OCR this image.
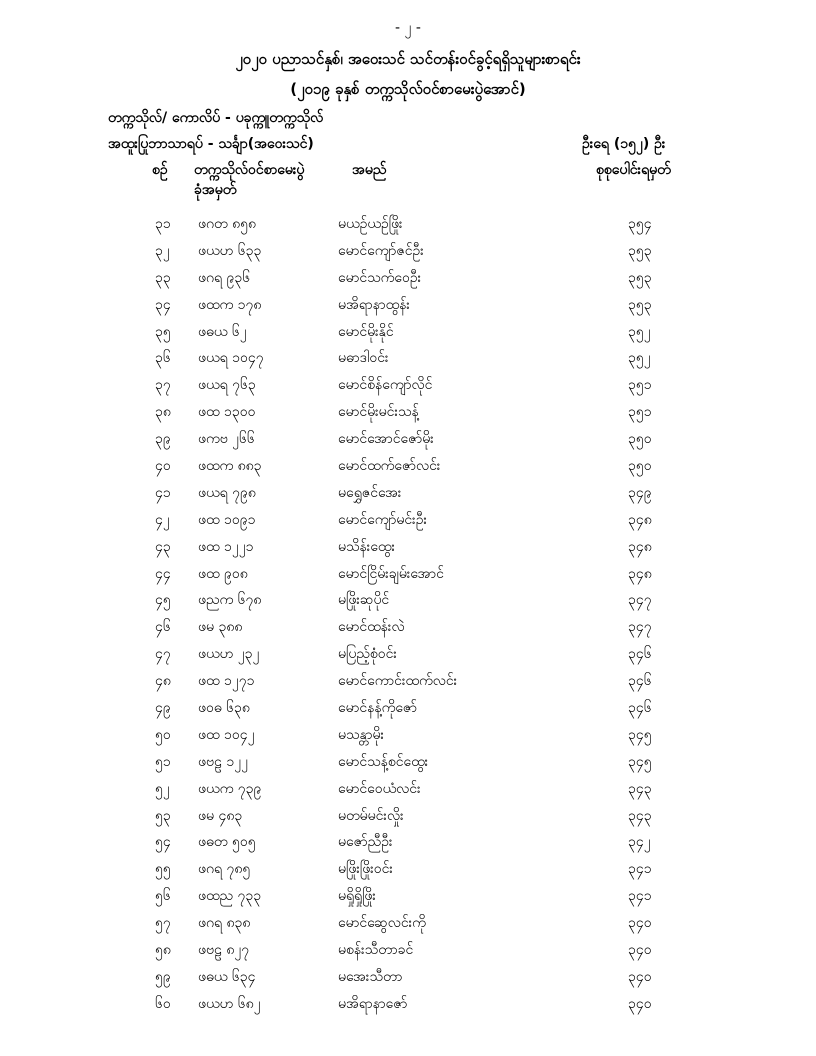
- ၂ -
၂၀၂၀ ပညာသင်နှစ်၊ အဝေးသင် သင်တန်းဝင်ခွင့်ရရှိသူများစာရင်း
(၂၀၁၉ ခုနှစ် တက္ကသိုလ်ဝင်စာမေးပွဲအောင်)
တက္ကသိုလ်/ ကောလိပ် - ပခုက္ကူတက္ကသိုလ်
အထူးပြုဘာသာရပ် - သင်္ချာ(အဝေးသင်)	ဦးရေ (၁၅၂) ဦး
စဉ် တက္ကသိုလ်ဝင်စာမေးပွဲ
ခုံအမှတ်
အမည်	စုစုပေါင်းရမှတ်
၃၁	ဖဂတ ၈၅၈	မယဉ်ယဉ်ဖြိုး	၃၅၄
၃၂	ဖယဟ ၆၃၃	မောင်ကျော်ဇင်ဦး	၃၅၃
၃၃	ဖဂရ ၉၃၆	မောင်သက်ဝေဦး	၃၅၃
၃၄	ဖထက ၁၇၈	မအိရာနာထွန်း	၃၅၃
၃၅	ဖဓယ ၆၂	မောင်မိုးနိုင်	၃၅၂
၃၆	ဖယရ ၁၀၄၇	မဓာဒါဝင်း	၃၅၂
၃၇	ဖယရ ၇၆၃	မောင်စိန်ကျော်လိုင်	၃၅၁
၃၈	ဖထ ၁၃၀၀	မောင်မိုးမင်းသန့်	၃၅၁
၃၉	ဖကဗ ၂၆၆	မောင်အောင်ဇော်မိုး	၃၅၀
၄၀	ဖထက ၈၈၃	မောင်ထက်ဇော်လင်း	၃၅၀
၄၁	ဖယရ ၇၉၈	မရွှေဇင်အေး	၃၄၉
၄၂	ဖထ ၁၀၉၁	မောင်ကျော်မင်းဦး	၃၄၈
၄၃	ဖထ ၁၂၂၁	မသိန်းထွေး	၃၄၈
၄၄	ဖထ ၉၀၈	မောင်ငြိမ်းချမ်းအောင်	၃၄၈
၄၅	ဖညက ၆၇၈	မဖြိုးဆုပိုင်	၃၄၇
၄၆	ဖမ ၃၈၈	မောင်ထန်းလဲ	၃၄၇
၄၇	ဖယဟ ၂၃၂	မပြည့်စုံဝင်း	၃၄၆
၄၈	ဖထ ၁၂၇၁	မောင်ကောင်းထက်လင်း	၃၄၆
၄၉	ဖဝဓ ၆၃၈	မောင်နန့်ကိုဇော်	၃၄၆
၅၀	ဖထ ၁၀၄၂	မသန္တာမိုး	၃၄၅
၅၁	ဖဗဠ ၁၂၂	မောင်သန့်စင်ထွေး	၃၄၅
၅၂	ဖယက ၇၃၉	မောင်ဝေယံလင်း	၃၄၃
၅၃	ဖမ ၄၈၃	မတမ်မင်းလှိုး	၃၄၃
၅၄	ဖဓတ ၅၀၅	မဇော်ညီဦး	၃၄၂
၅၅	ဖဂရ ၇၈၅	မဖြိုးဖြိုးဝင်း	၃၄၁
၅၆	ဖထည ၇၃၃	မရှိုရှိုဖြိုး	၃၄၁
၅၇	ဖဂရ ၈၃၈	မောင်ဆွေလင်းကို	၃၄၀
၅၈	ဖဗဠ ၈၂၇	မစန်းသီတာခင်	၃၄၀
၅၉	ဖဓယ ၆၃၄	မအေးသီတာ	၃၄၀
၆၀	ဖယဟ ၆၈၂	မအိရာနာဇော်	၃၄၀
